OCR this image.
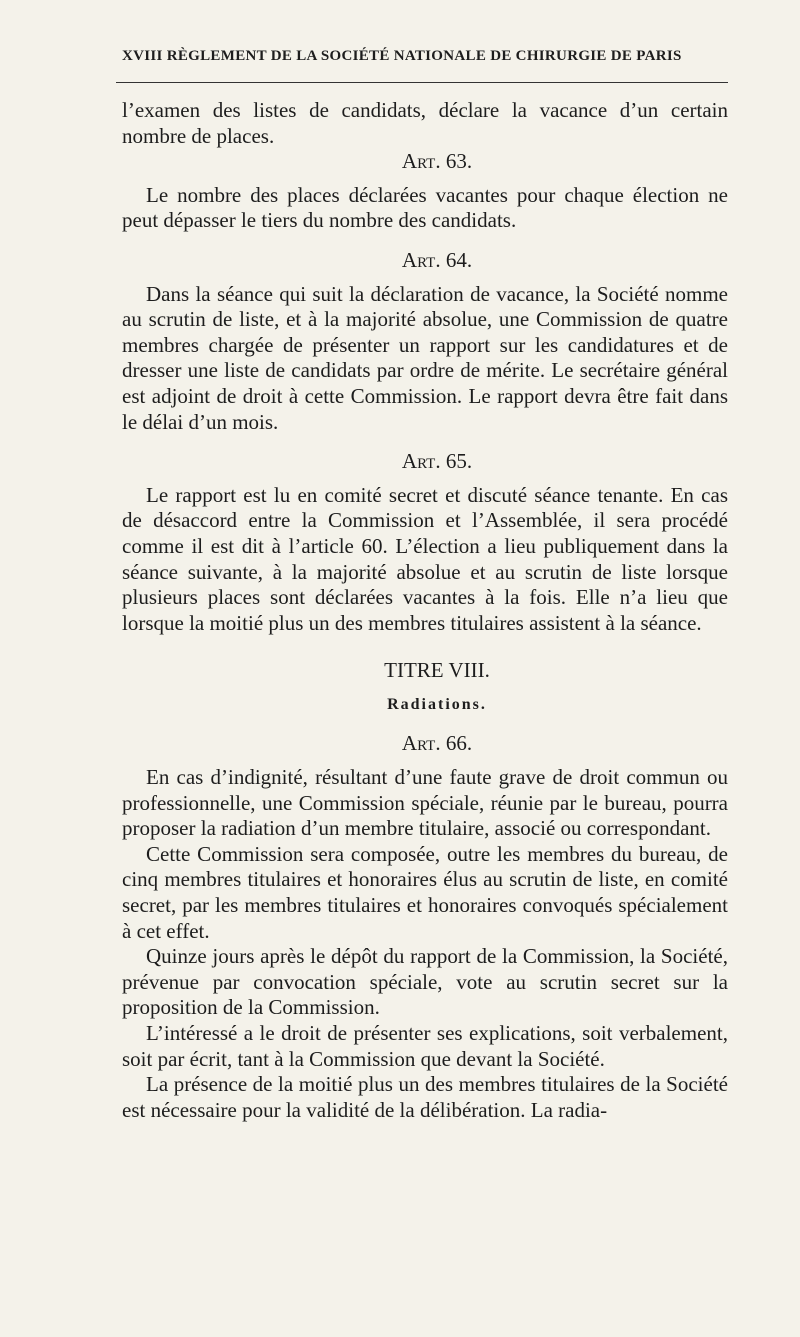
XVIII RÈGLEMENT DE LA SOCIÉTÉ NATIONALE DE CHIRURGIE DE PARIS

l’examen des listes de candidats, déclare la vacance d’un certain nombre de places.

Art. 63.

Le nombre des places déclarées vacantes pour chaque élection ne peut dépasser le tiers du nombre des candidats.

Art. 64.

Dans la séance qui suit la déclaration de vacance, la Société nomme au scrutin de liste, et à la majorité absolue, une Commission de quatre membres chargée de présenter un rapport sur les candidatures et de dresser une liste de candidats par ordre de mérite. Le secrétaire général est adjoint de droit à cette Commission. Le rapport devra être fait dans le délai d’un mois.

Art. 65.

Le rapport est lu en comité secret et discuté séance tenante. En cas de désaccord entre la Commission et l’Assemblée, il sera procédé comme il est dit à l’article 60. L’élection a lieu publiquement dans la séance suivante, à la majorité absolue et au scrutin de liste lorsque plusieurs places sont déclarées vacantes à la fois. Elle n’a lieu que lorsque la moitié plus un des membres titulaires assistent à la séance.

TITRE VIII.

Radiations.

Art. 66.

En cas d’indignité, résultant d’une faute grave de droit commun ou professionnelle, une Commission spéciale, réunie par le bureau, pourra proposer la radiation d’un membre titulaire, associé ou correspondant.

Cette Commission sera composée, outre les membres du bureau, de cinq membres titulaires et honoraires élus au scrutin de liste, en comité secret, par les membres titulaires et honoraires convoqués spécialement à cet effet.

Quinze jours après le dépôt du rapport de la Commission, la Société, prévenue par convocation spéciale, vote au scrutin secret sur la proposition de la Commission.

L’intéressé a le droit de présenter ses explications, soit verbalement, soit par écrit, tant à la Commission que devant la Société.

La présence de la moitié plus un des membres titulaires de la Société est nécessaire pour la validité de la délibération. La radia-
